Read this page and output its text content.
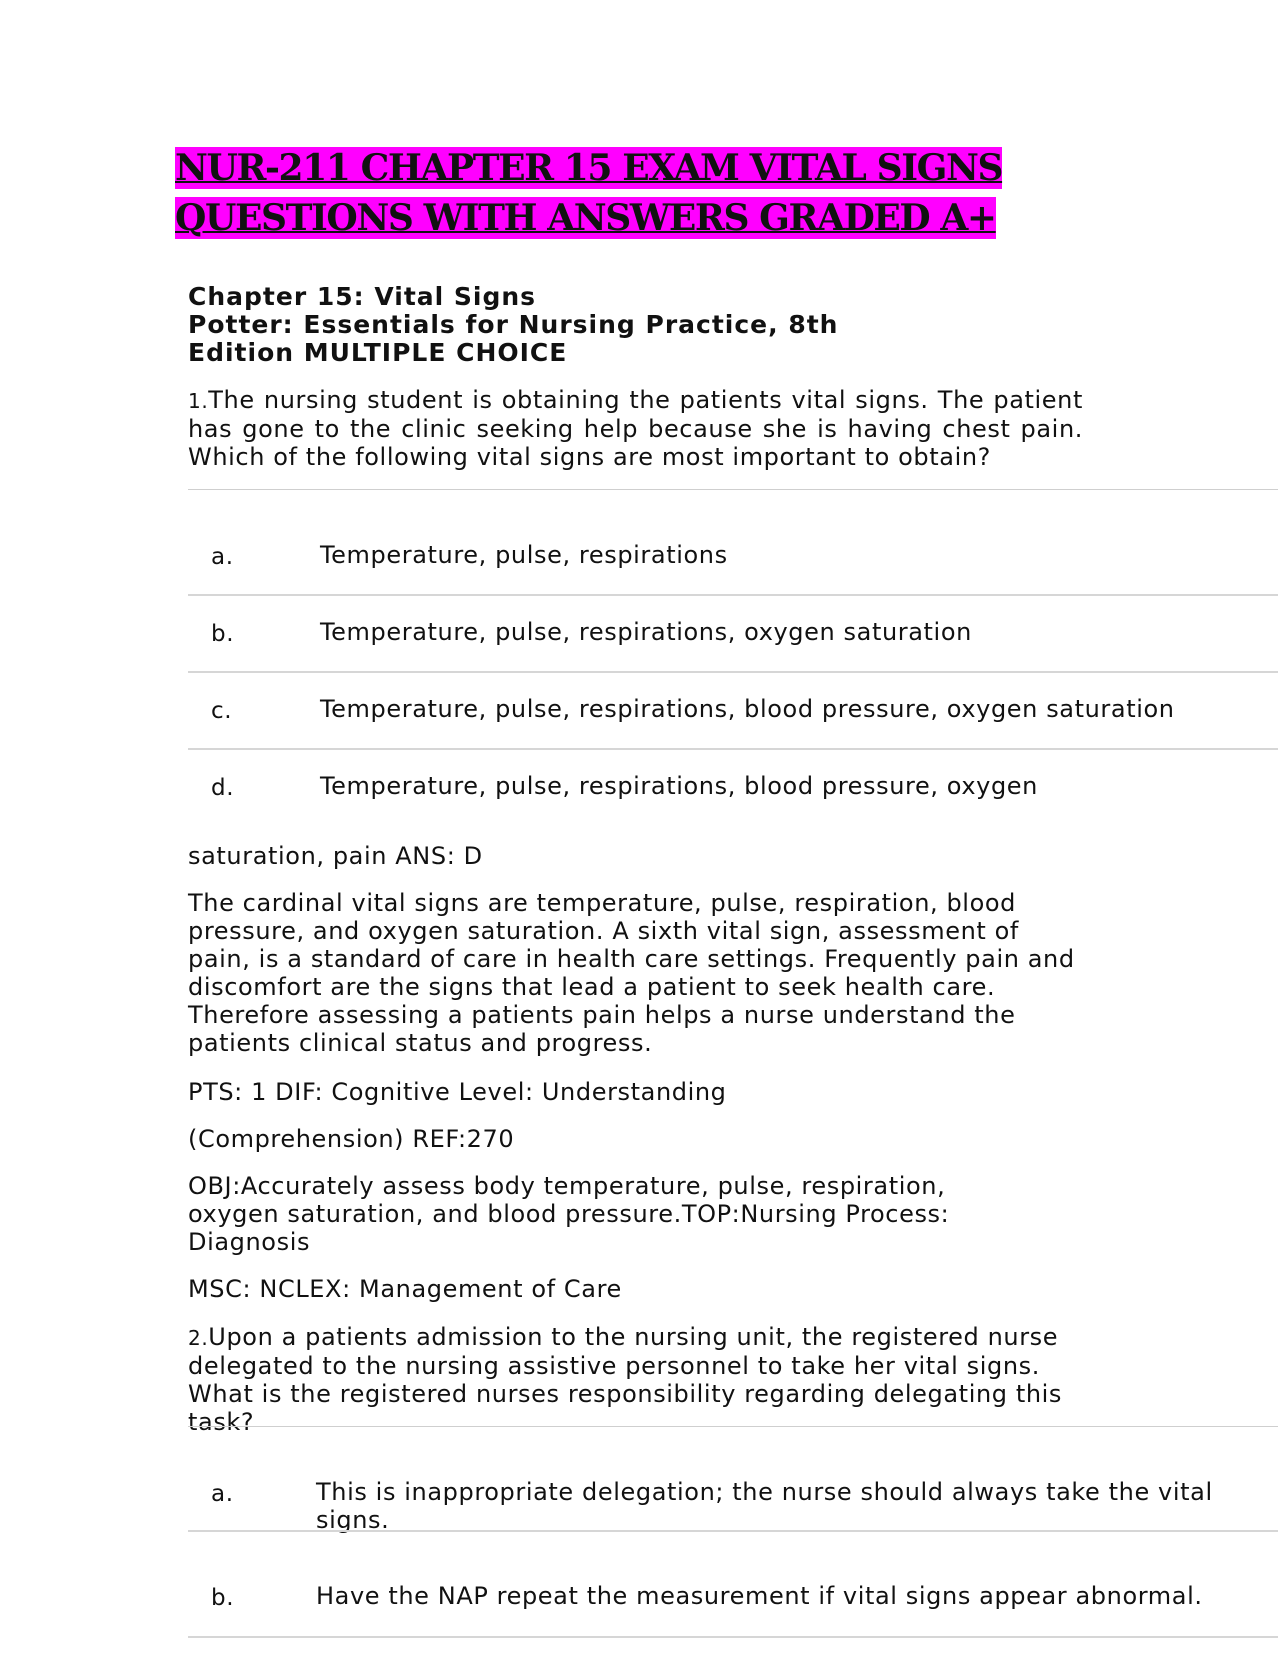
NUR-211 CHAPTER 15 EXAM VITAL SIGNS QUESTIONS WITH ANSWERS GRADED A+
Chapter 15: Vital Signs
Potter: Essentials for Nursing Practice, 8th
Edition MULTIPLE CHOICE
1.The nursing student is obtaining the patients vital signs. The patient has gone to the clinic seeking help because she is having chest pain. Which of the following vital signs are most important to obtain?
a.	Temperature, pulse, respirations
b.	Temperature, pulse, respirations, oxygen saturation
c.	Temperature, pulse, respirations, blood pressure, oxygen saturation
d.	Temperature, pulse, respirations, blood pressure, oxygen
saturation, pain ANS: D
The cardinal vital signs are temperature, pulse, respiration, blood pressure, and oxygen saturation. A sixth vital sign, assessment of pain, is a standard of care in health care settings. Frequently pain and discomfort are the signs that lead a patient to seek health care. Therefore assessing a patients pain helps a nurse understand the patients clinical status and progress.
PTS: 1 DIF: Cognitive Level: Understanding
(Comprehension) REF:270
OBJ:Accurately assess body temperature, pulse, respiration, oxygen saturation, and blood pressure.TOP:Nursing Process: Diagnosis
MSC: NCLEX: Management of Care
2.Upon a patients admission to the nursing unit, the registered nurse delegated to the nursing assistive personnel to take her vital signs. What is the registered nurses responsibility regarding delegating this task?
a.	This is inappropriate delegation; the nurse should always take the vital signs.
b.	Have the NAP repeat the measurement if vital signs appear abnormal.
